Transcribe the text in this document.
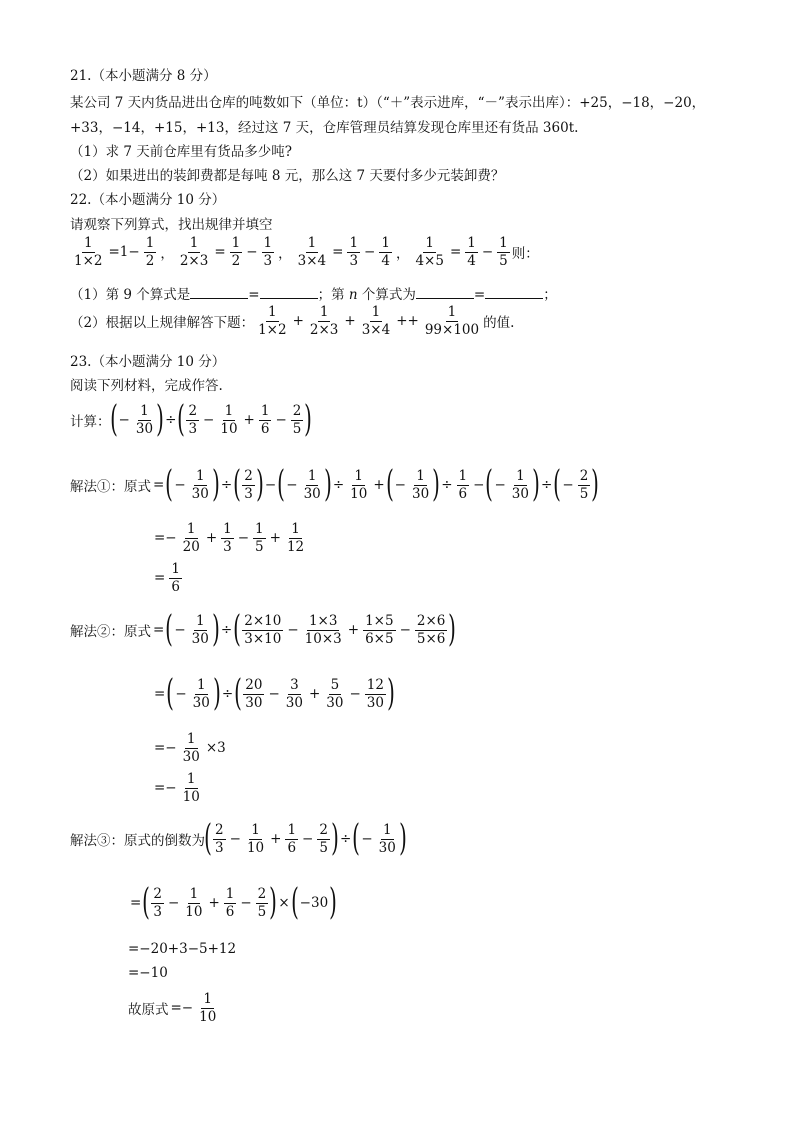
21.（本小题满分 8 分）
某公司 7 天内货品进出仓库的吨数如下（单位：t）（“＋”表示进库，“－”表示出库）：+25，−18，−20，
+33，−14，+15，+13，经过这 7 天，仓库管理员结算发现仓库里还有货品 360t.
（1）求 7 天前仓库里有货品多少吨?
（2）如果进出的装卸费都是每吨 8 元，那么这 7 天要付多少元装卸费？
22.（本小题满分 10 分）
请观察下列算式，找出规律并填空
$\frac{1}{1\times 2} =1- \frac{1}{2}$ ， $\frac{1}{2\times 3} = \frac{1}{2} - \frac{1}{3}$ ， $\frac{1}{3\times 4} = \frac{1}{3} - \frac{1}{4}$ ， $\frac{1}{4\times 5} = \frac{1}{4} - \frac{1}{5}$ 则：
（1）第 9 个算式是	=	；第 n 个算式为	=	；
（2）根据以上规律解答下题：
1
1×2
+ $\frac{1}{2\times 3} + \frac{1}{3\times 4} ++ \frac{1}{99\times 100}$ 的值.
23.（本小题满分 10 分）
阅读下列材料，完成作答.
计算： ( − $\frac{1}{30}$ ) ÷ ( 2
3
− $\frac{1}{10} + \frac{1}{6} - \frac{2}{5}$ )
解法①：原式 = ( − $\frac{1}{30}$ ) ÷ ( 2
3 ) − ( − $\frac{1}{30}$ ) ÷ $\frac{1}{10}$ + ( − $\frac{1}{30}$ ) ÷ $\frac{1}{6}$ − ( − $\frac{1}{30}$ ) ÷ ( − $\frac{2}{5}$ )
=− $\frac{1}{20} + \frac{1}{3} - \frac{1}{5} + \frac{1}{12}$
= $\frac{1}{6}$
解法②：原式 = ( − $\frac{1}{30}$ ) ÷ ( 2×10
3×10
− $\frac{1\times 3}{10\times 3} + \frac{1\times 5}{6\times 5} - \frac{2\times 6}{5\times 6}$ )
= ( − $\frac{1}{30}$ ) ÷ ( 20
30
− $\frac{3}{30} + \frac{5}{30} - \frac{12}{30}$ )
=− $\frac{1}{30} \times 3$
=− $\frac{1}{10}$
解法③：原式的倒数为 ( 2
3
− $\frac{1}{10} + \frac{1}{6} - \frac{2}{5}$ ) ÷ ( − $\frac{1}{30}$ )
= ( 2
3
− $\frac{1}{10} + \frac{1}{6} - \frac{2}{5}$ ) × ( −30 )
=−20+3−5+12
=−10
故原式 =− $\frac{1}{10}$
